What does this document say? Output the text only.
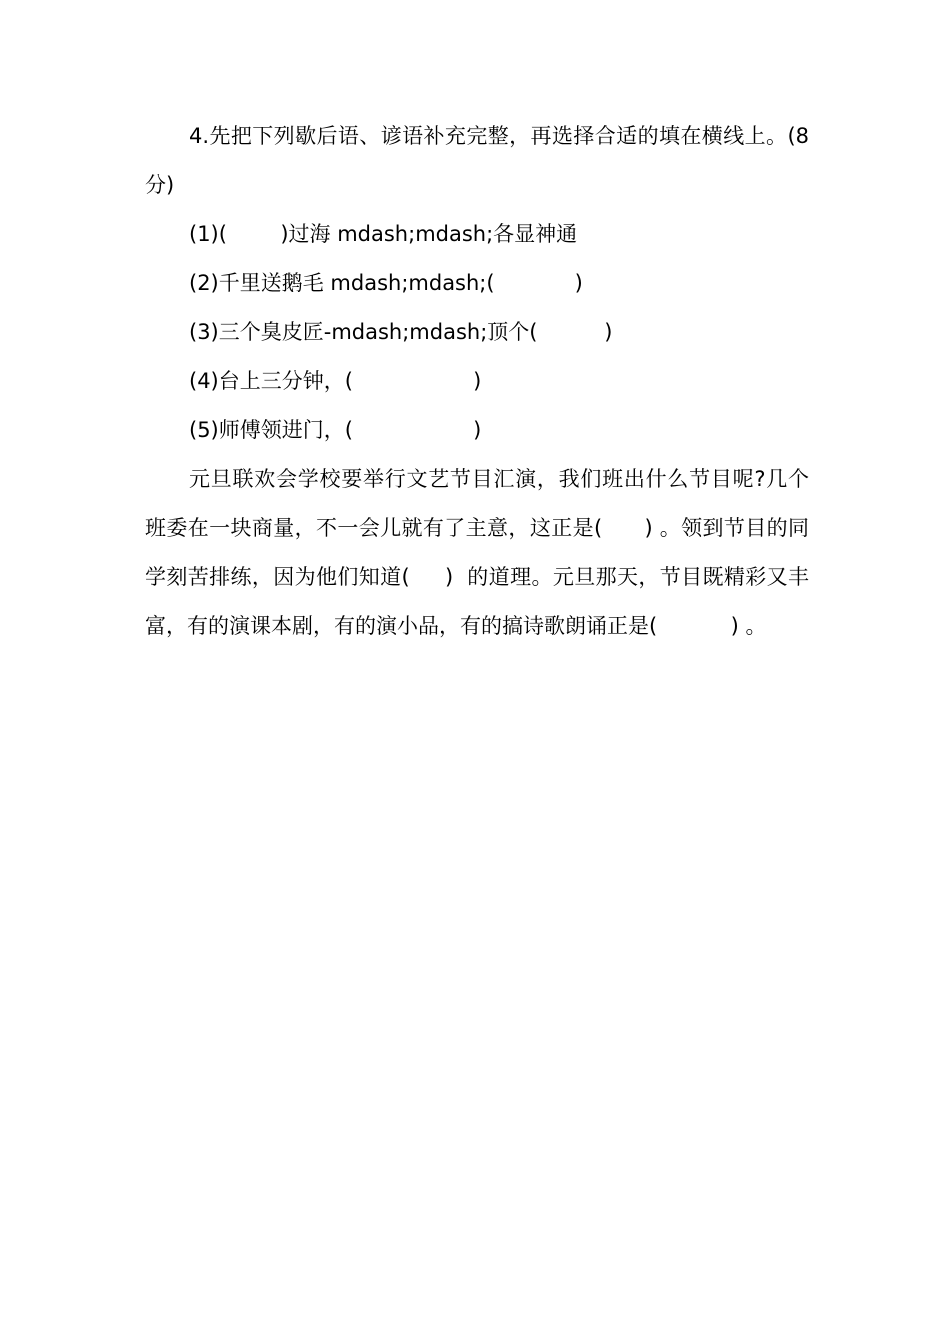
4.先把下列歇后语、谚语补充完整，再选择合适的填在横线上。(8分)

(1)(        )过海 mdash;mdash;各显神通

(2)千里送鹅毛 mdash;mdash;(            )

(3)三个臭皮匠-mdash;mdash;顶个(          )

(4)台上三分钟，(                  )

(5)师傅领进门，(                  )

元旦联欢会学校要举行文艺节目汇演，我们班出什么节目呢?几个班委在一块商量，不一会儿就有了主意，这正是(      ) 。领到节目的同学刻苦排练，因为他们知道(     )  的道理。元旦那天，节目既精彩又丰富，有的演课本剧，有的演小品，有的搞诗歌朗诵正是(           ) 。
